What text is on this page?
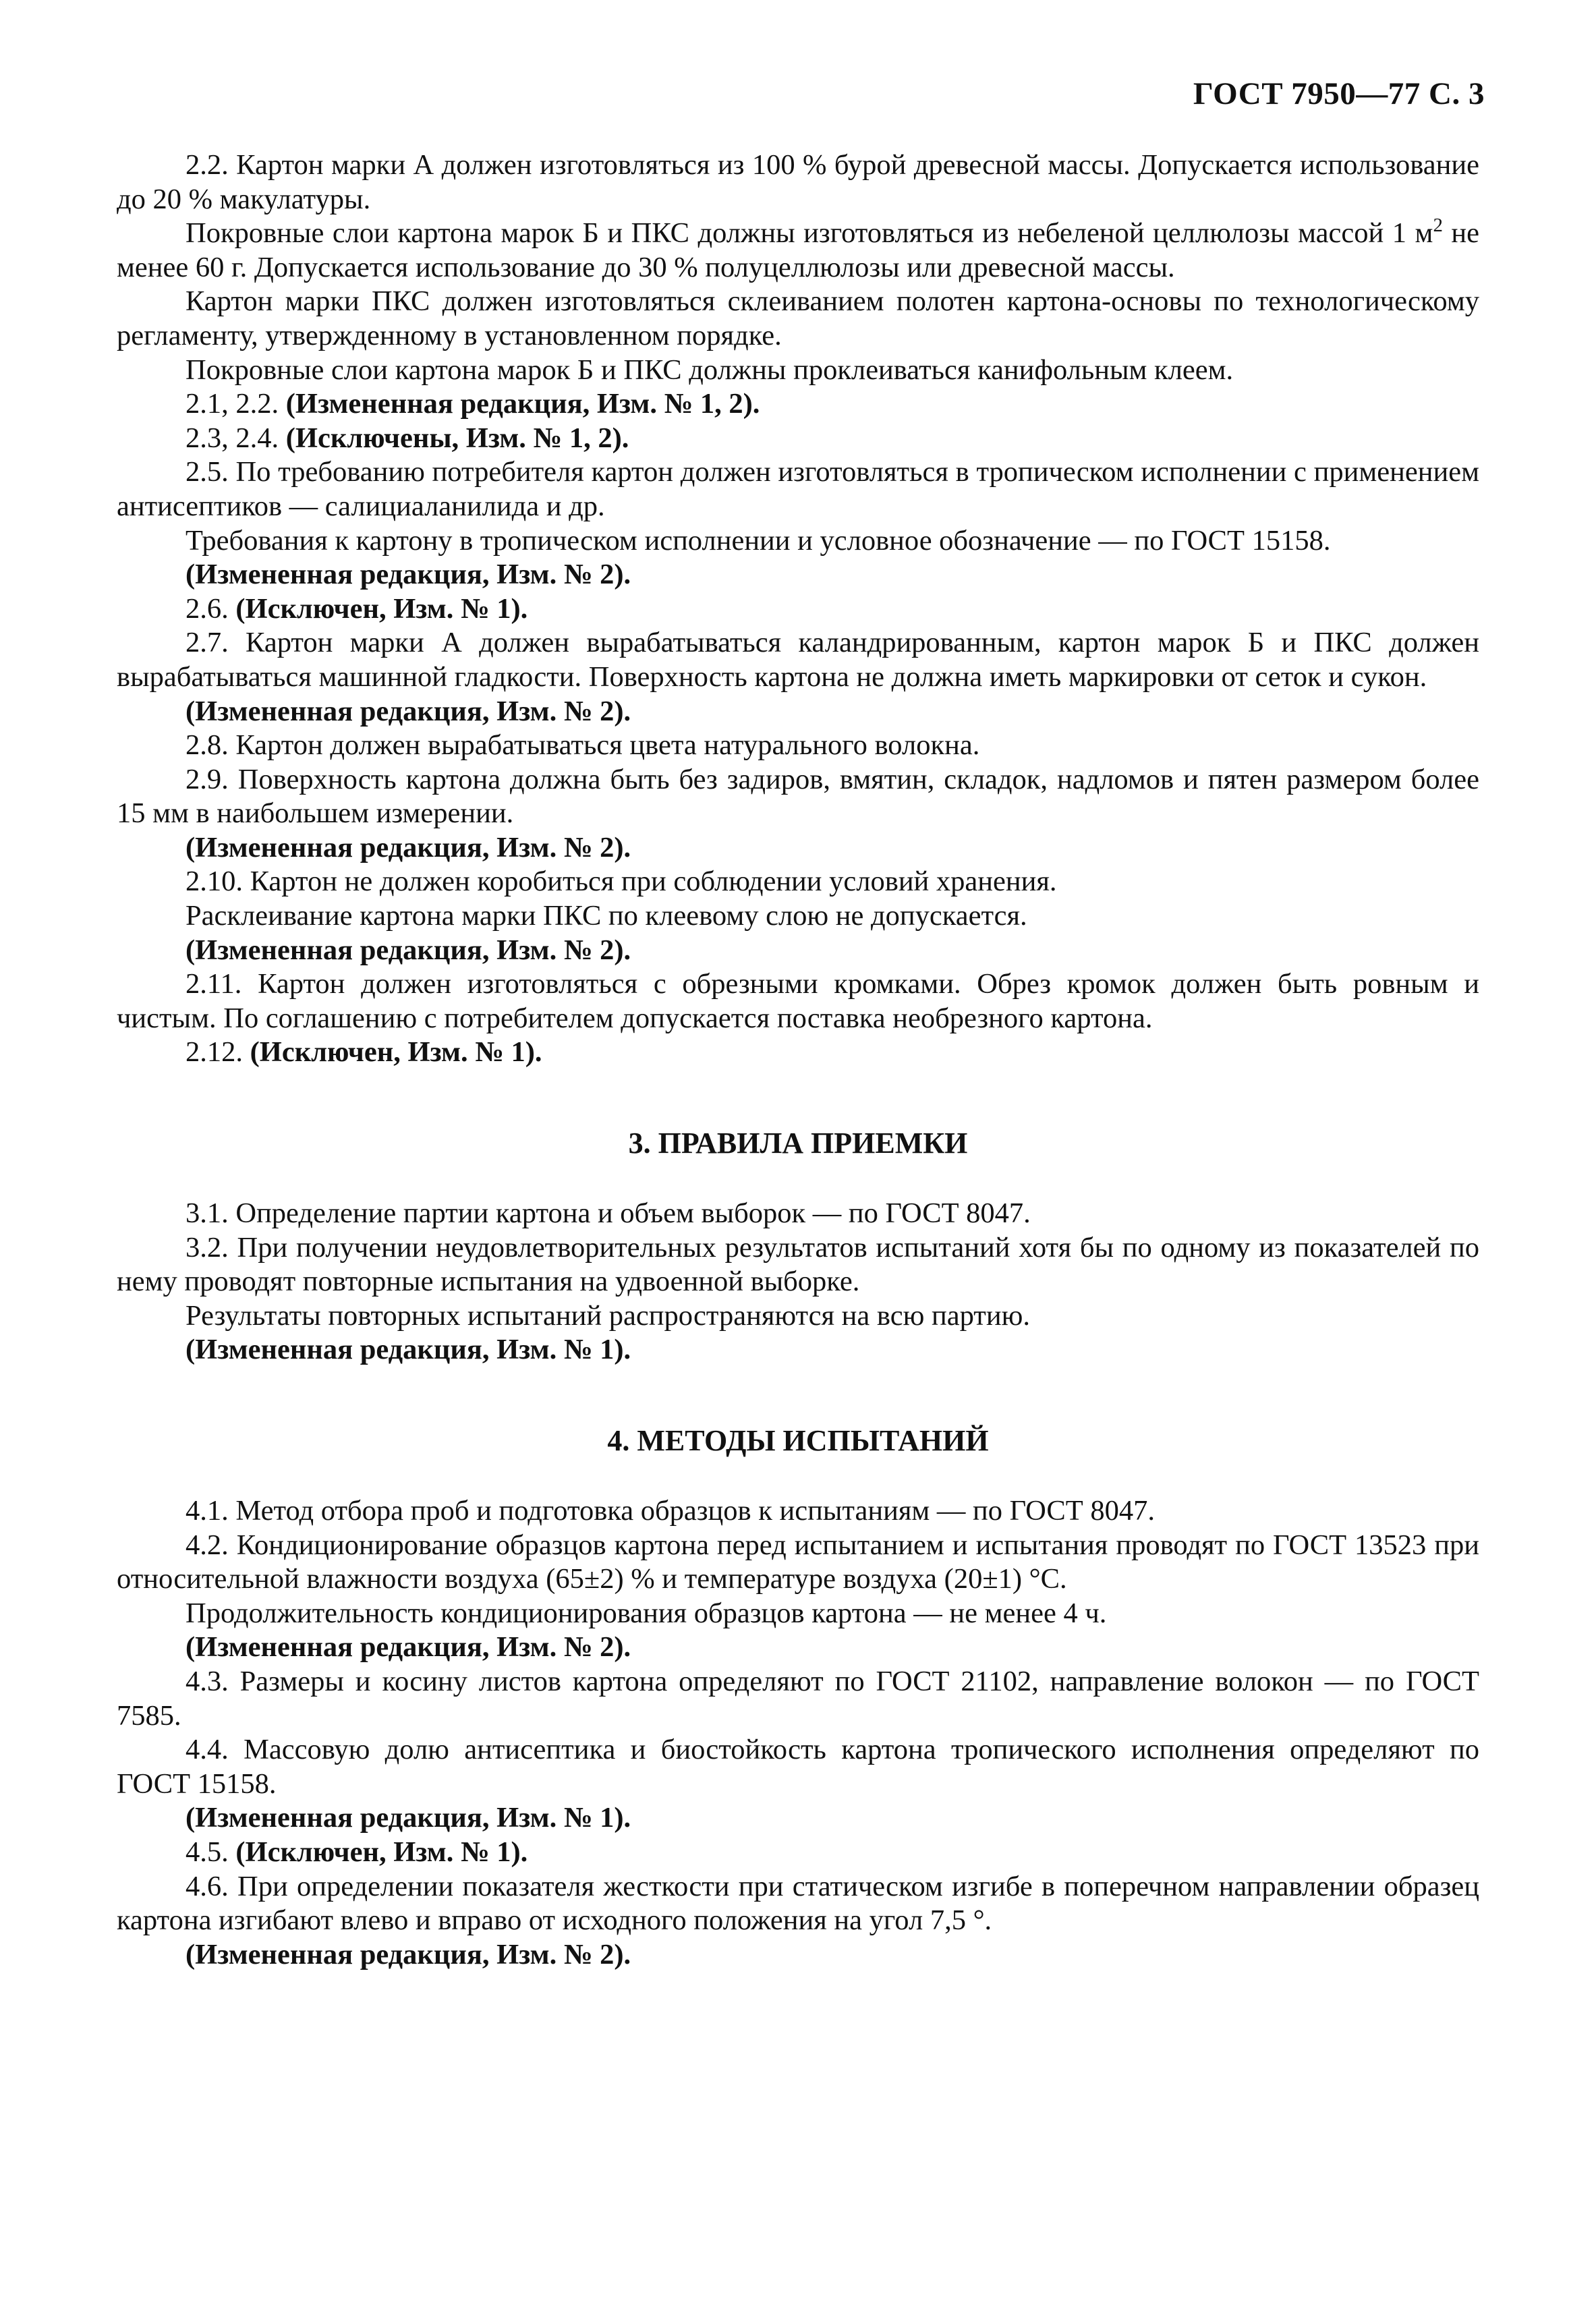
ГОСТ 7950—77 С. 3

2.2. Картон марки А должен изготовляться из 100 % бурой древесной массы. Допускается использование до 20 % макулатуры.

Покровные слои картона марок Б и ПКС должны изготовляться из небеленой целлюлозы массой 1 $м^2$ не менее 60 г. Допускается использование до 30 % полуцеллюлозы или древесной массы.

Картон марки ПКС должен изготовляться склеиванием полотен картона-основы по технологическому регламенту, утвержденному в установленном порядке.

Покровные слои картона марок Б и ПКС должны проклеиваться канифольным клеем.

2.1, 2.2. (Измененная редакция, Изм. № 1, 2).

2.3, 2.4. (Исключены, Изм. № 1, 2).

2.5. По требованию потребителя картон должен изготовляться в тропическом исполнении с применением антисептиков — салициаланилида и др.

Требования к картону в тропическом исполнении и условное обозначение — по ГОСТ 15158.

(Измененная редакция, Изм. № 2).

2.6. (Исключен, Изм. № 1).

2.7. Картон марки А должен вырабатываться каландрированным, картон марок Б и ПКС должен вырабатываться машинной гладкости. Поверхность картона не должна иметь маркировки от сеток и сукон.

(Измененная редакция, Изм. № 2).

2.8. Картон должен вырабатываться цвета натурального волокна.

2.9. Поверхность картона должна быть без задиров, вмятин, складок, надломов и пятен размером более 15 мм в наибольшем измерении.

(Измененная редакция, Изм. № 2).

2.10. Картон не должен коробиться при соблюдении условий хранения.

Расклеивание картона марки ПКС по клеевому слою не допускается.

(Измененная редакция, Изм. № 2).

2.11. Картон должен изготовляться с обрезными кромками. Обрез кромок должен быть ровным и чистым. По соглашению с потребителем допускается поставка необрезного картона.

2.12. (Исключен, Изм. № 1).

3. ПРАВИЛА ПРИЕМКИ

3.1. Определение партии картона и объем выборок — по ГОСТ 8047.

3.2. При получении неудовлетворительных результатов испытаний хотя бы по одному из показателей по нему проводят повторные испытания на удвоенной выборке.

Результаты повторных испытаний распространяются на всю партию.

(Измененная редакция, Изм. № 1).

4. МЕТОДЫ ИСПЫТАНИЙ

4.1. Метод отбора проб и подготовка образцов к испытаниям — по ГОСТ 8047.

4.2. Кондиционирование образцов картона перед испытанием и испытания проводят по ГОСТ 13523 при относительной влажности воздуха (65±2) % и температуре воздуха (20±1) °С.

Продолжительность кондиционирования образцов картона — не менее 4 ч.

(Измененная редакция, Изм. № 2).

4.3. Размеры и косину листов картона определяют по ГОСТ 21102, направление волокон — по ГОСТ 7585.

4.4. Массовую долю антисептика и биостойкость картона тропического исполнения определяют по ГОСТ 15158.

(Измененная редакция, Изм. № 1).

4.5. (Исключен, Изм. № 1).

4.6. При определении показателя жесткости при статическом изгибе в поперечном направлении образец картона изгибают влево и вправо от исходного положения на угол 7,5 °.

(Измененная редакция, Изм. № 2).
